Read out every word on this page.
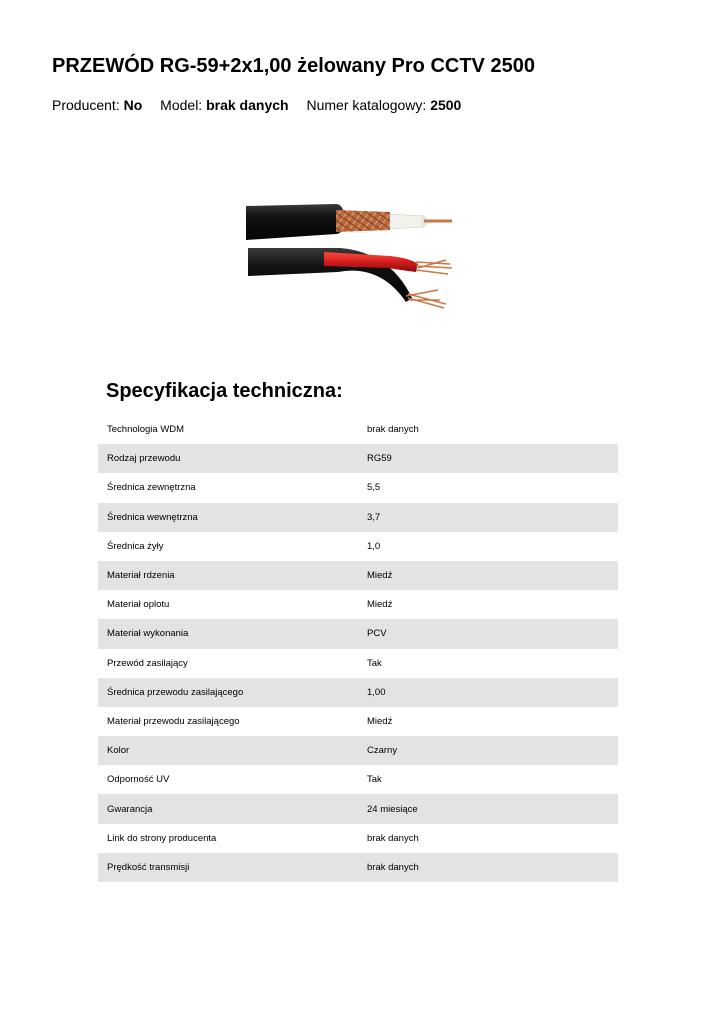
PRZEWÓD RG-59+2x1,00 żelowany Pro CCTV 2500
Producent: No Model: brak danych Numer katalogowy: 2500
Specyfikacja techniczna:
Technologia WDM	brak danych
Rodzaj przewodu	RG59
Średnica zewnętrzna	5,5
Średnica wewnętrzna	3,7
Średnica żyły	1,0
Materiał rdzenia	Miedź
Materiał oplotu	Miedź
Materiał wykonania	PCV
Przewód zasilający	Tak
Średnica przewodu zasilającego	1,00
Materiał przewodu zasilającego	Miedź
Kolor	Czarny
Odporność UV	Tak
Gwarancja	24 miesiące
Link do strony producenta	brak danych
Prędkość transmisji	brak danych
